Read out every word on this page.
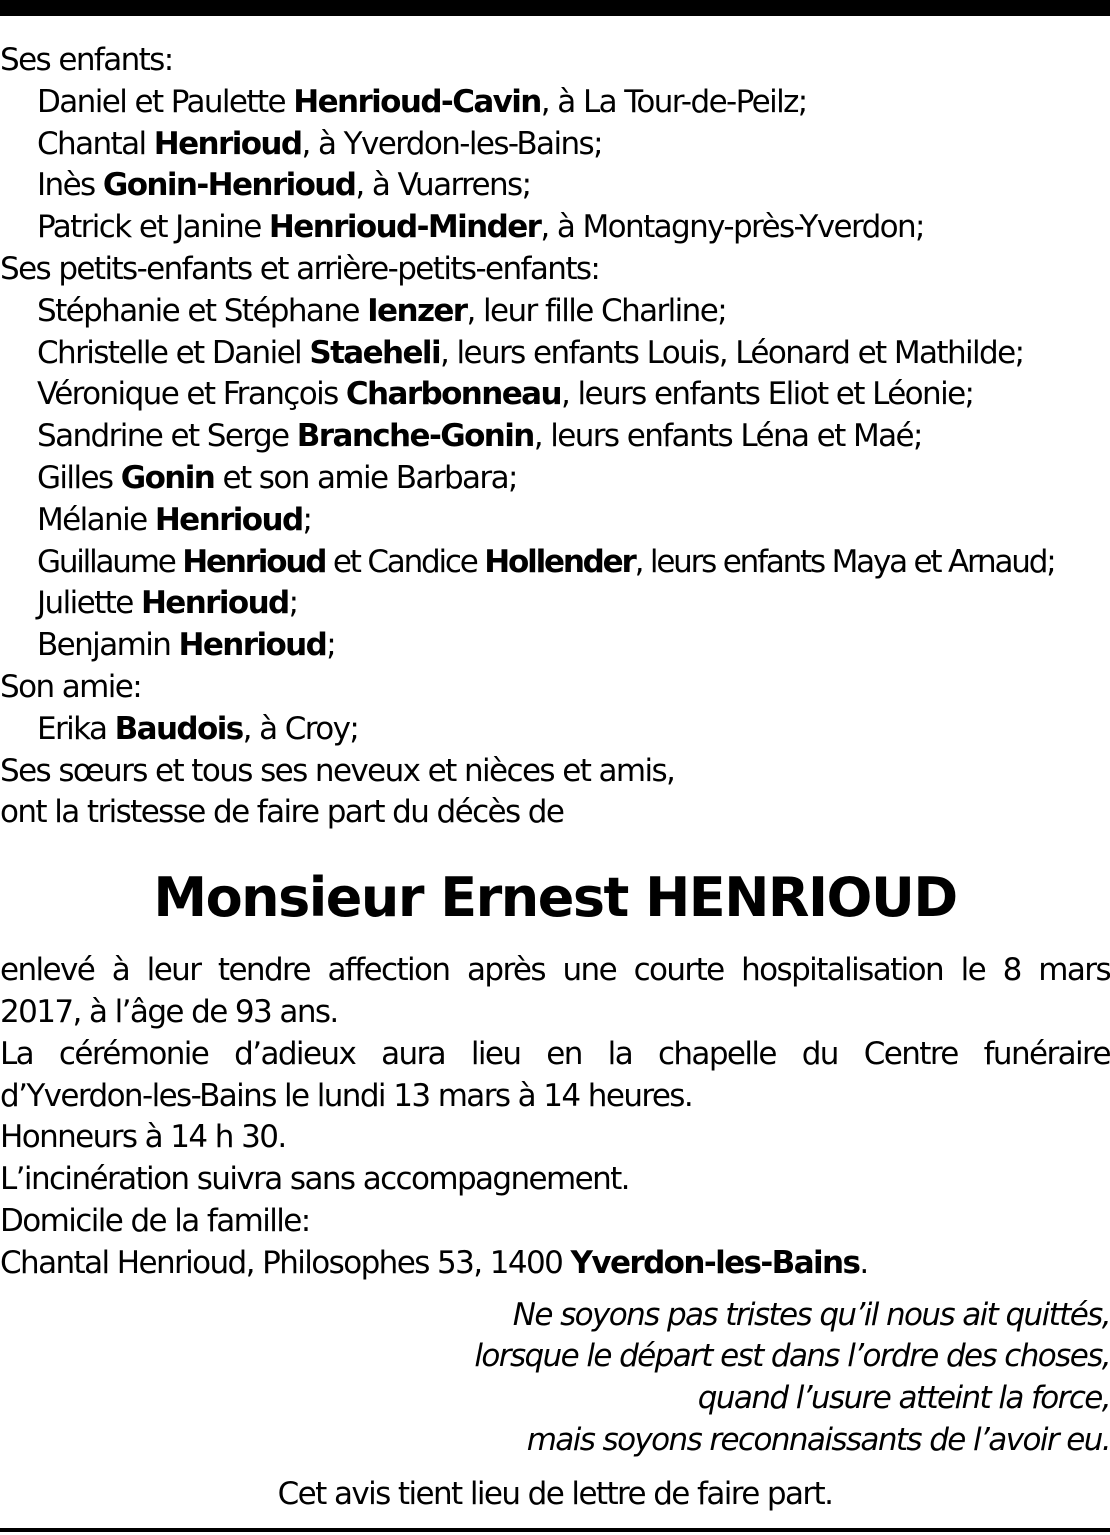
Ses enfants:
Daniel et Paulette Henrioud-Cavin, à La Tour-de-Peilz;
Chantal Henrioud, à Yverdon-les-Bains;
Inès Gonin-Henrioud, à Vuarrens;
Patrick et Janine Henrioud-Minder, à Montagny-près-Yverdon;
Ses petits-enfants et arrière-petits-enfants:
Stéphanie et Stéphane Ienzer, leur fille Charline;
Christelle et Daniel Staeheli, leurs enfants Louis, Léonard et Mathilde;
Véronique et François Charbonneau, leurs enfants Eliot et Léonie;
Sandrine et Serge Branche-Gonin, leurs enfants Léna et Maé;
Gilles Gonin et son amie Barbara;
Mélanie Henrioud;
Guillaume Henrioud et Candice Hollender, leurs enfants Maya et Arnaud;
Juliette Henrioud;
Benjamin Henrioud;
Son amie:
Erika Baudois, à Croy;
Ses sœurs et tous ses neveux et nièces et amis,
ont la tristesse de faire part du décès de
Monsieur Ernest HENRIOUD
enlevé à leur tendre affection après une courte hospitalisation le 8 mars
2017, à l’âge de 93 ans.
La cérémonie d’adieux aura lieu en la chapelle du Centre funéraire
d’Yverdon-les-Bains le lundi 13 mars à 14 heures.
Honneurs à 14 h 30.
L’incinération suivra sans accompagnement.
Domicile de la famille:
Chantal Henrioud, Philosophes 53, 1400 Yverdon-les-Bains.
Ne soyons pas tristes qu’il nous ait quittés,
lorsque le départ est dans l’ordre des choses,
quand l’usure atteint la force,
mais soyons reconnaissants de l’avoir eu.
Cet avis tient lieu de lettre de faire part.
